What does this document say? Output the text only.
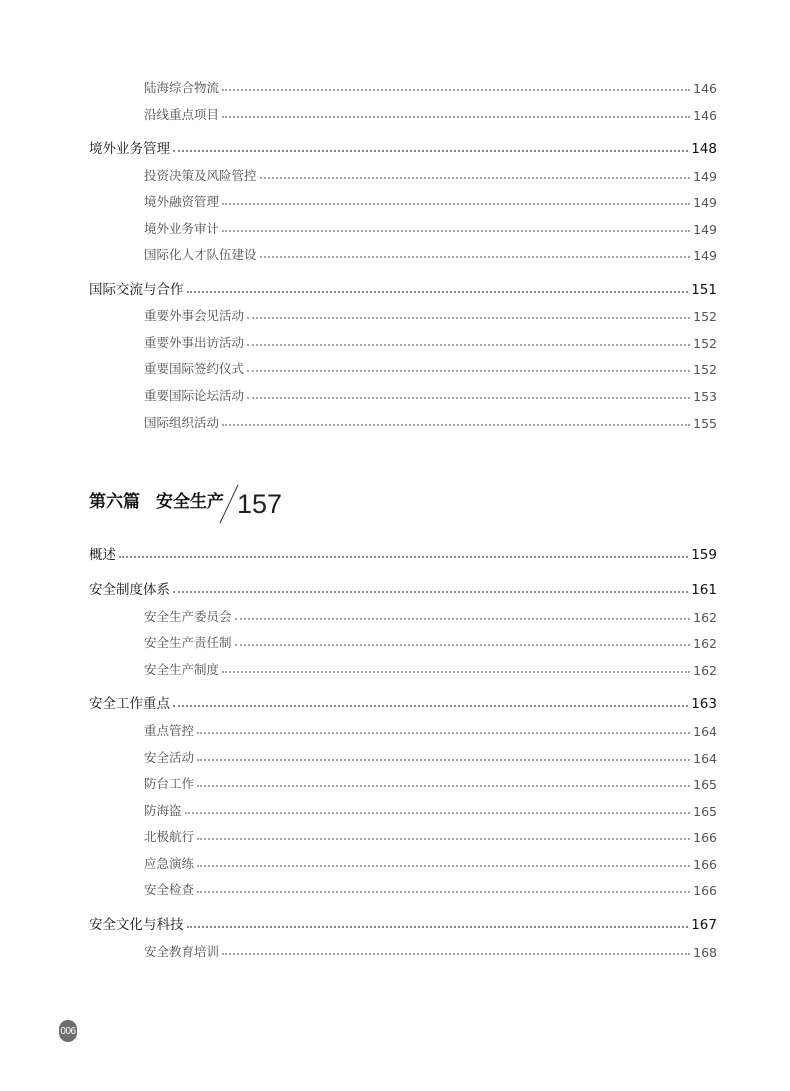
陆海综合物流	146
沿线重点项目	146
境外业务管理	148
投资决策及风险管控	149
境外融资管理	149
境外业务审计	149
国际化人才队伍建设	149
国际交流与合作	151
重要外事会见活动	152
重要外事出访活动	152
重要国际签约仪式	152
重要国际论坛活动	153
国际组织活动	155
第六篇 安全生产 157
概述	159
安全制度体系	161
安全生产委员会	162
安全生产责任制	162
安全生产制度	162
安全工作重点	163
重点管控	164
安全活动	164
防台工作	165
防海盗	165
北极航行	166
应急演练	166
安全检查	166
安全文化与科技	167
安全教育培训	168
006
